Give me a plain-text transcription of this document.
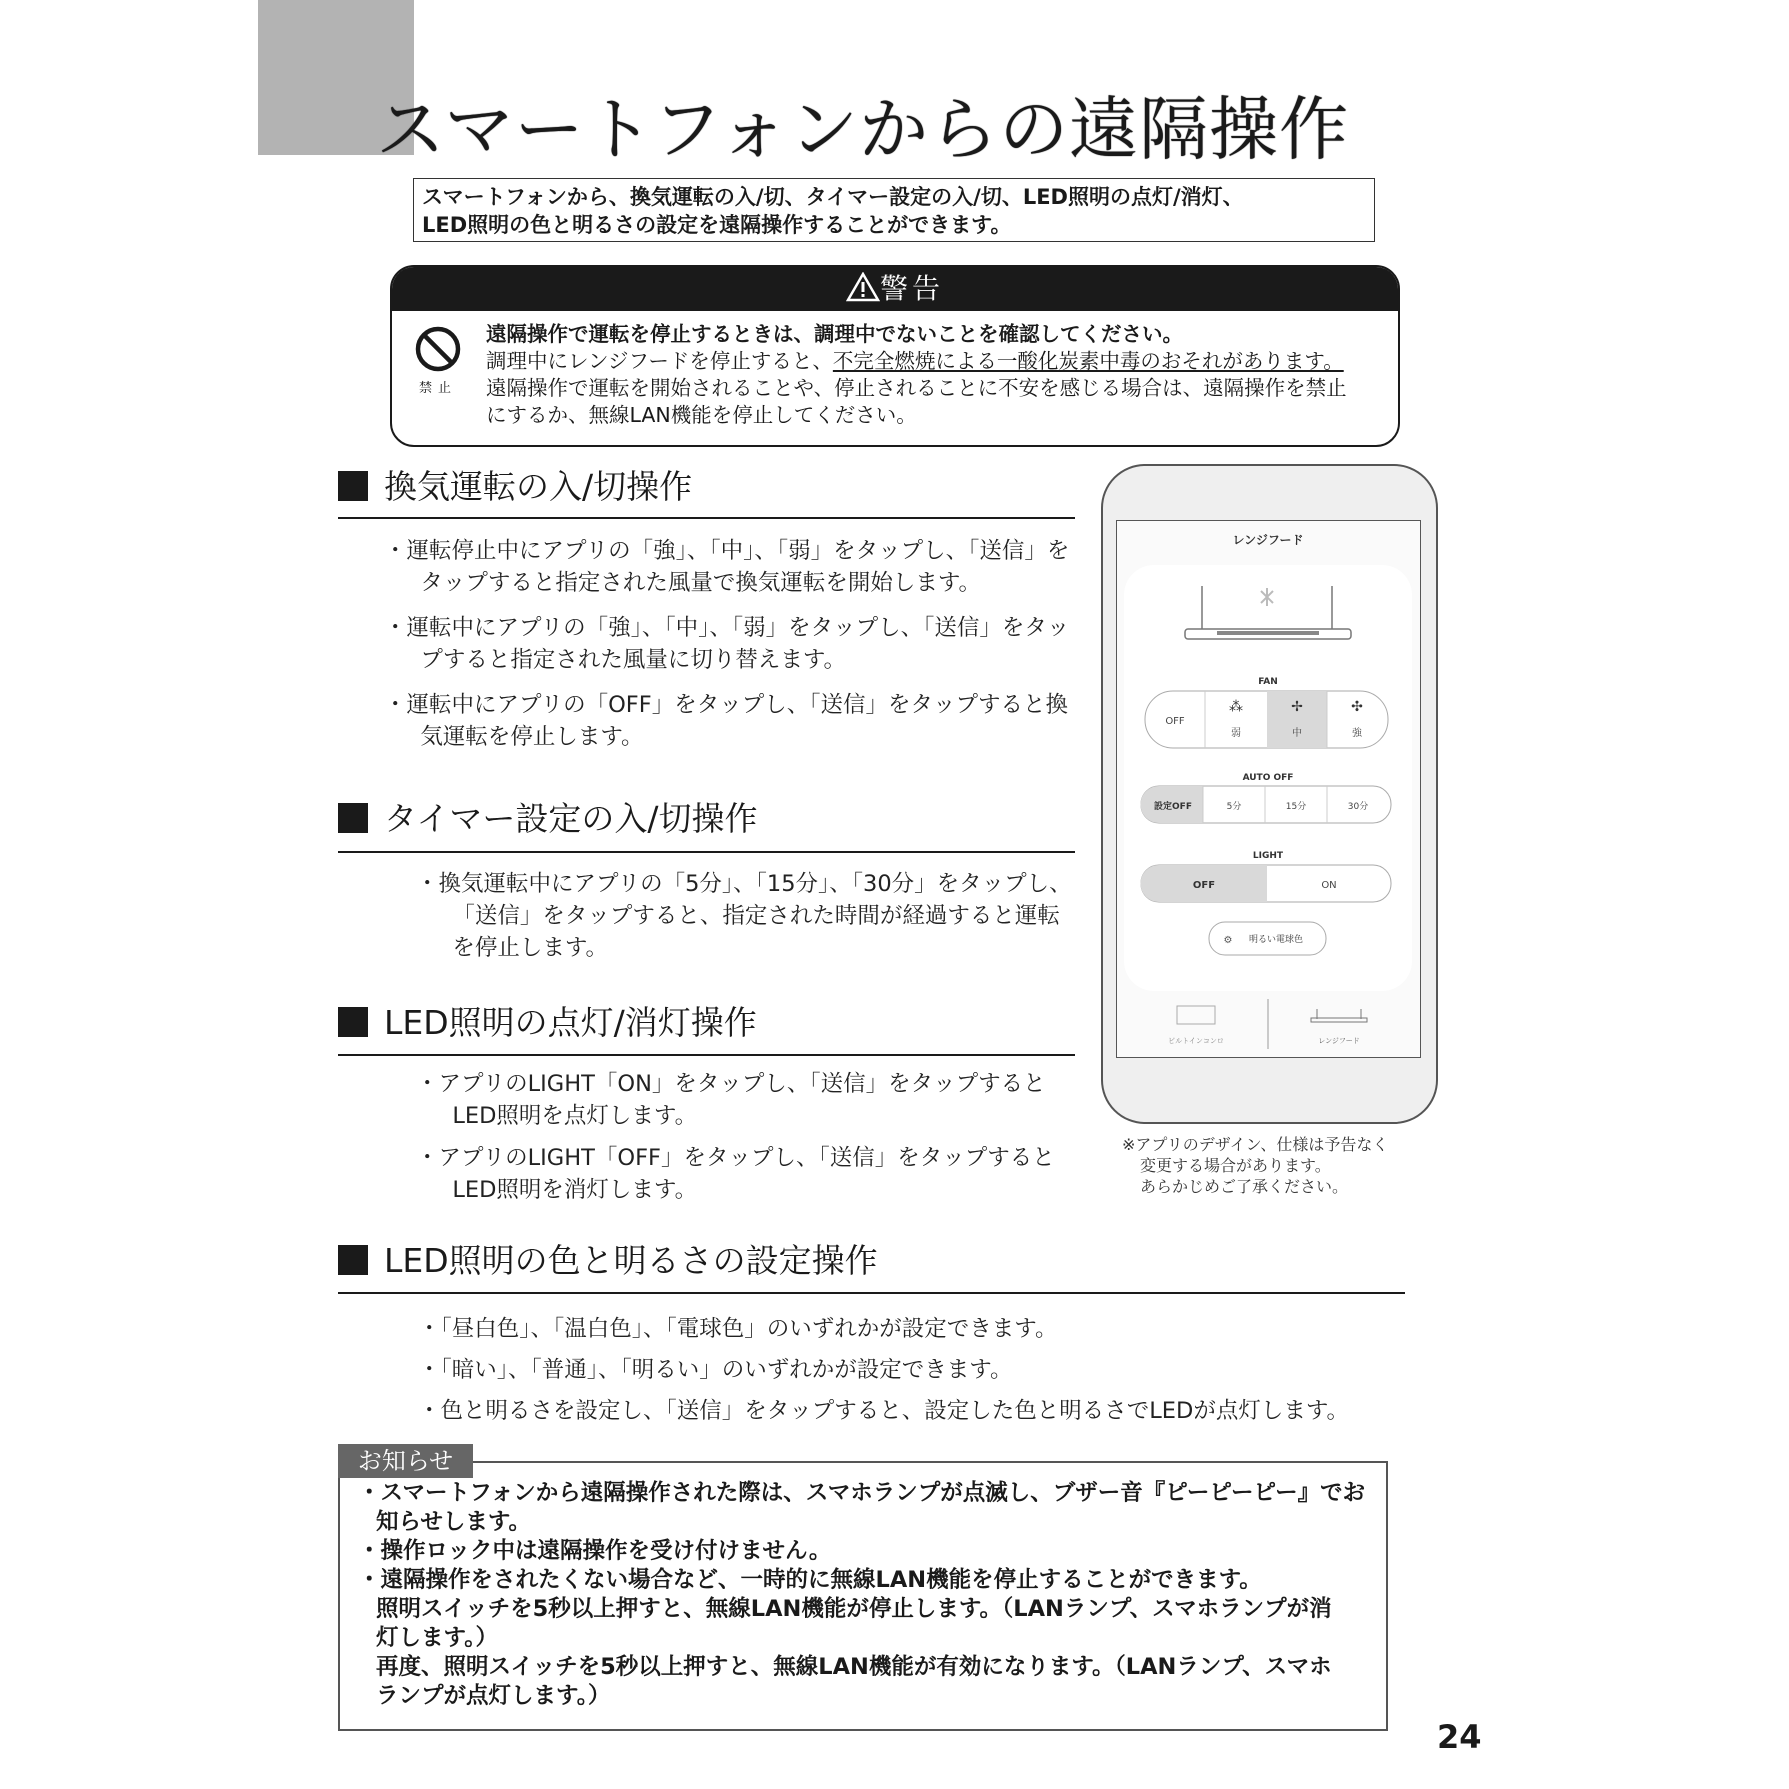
スマートフォンからの遠隔操作
スマートフォンから、換気運転の入/切、タイマー設定の入/切、LED照明の点灯/消灯、
LED照明の色と明るさの設定を遠隔操作することができます。
警告
禁止
遠隔操作で運転を停止するときは、調理中でないことを確認してください。
調理中にレンジフードを停止すると、不完全燃焼による一酸化炭素中毒のおそれがあります。
遠隔操作で運転を開始されることや、停止されることに不安を感じる場合は、遠隔操作を禁止
にするか、無線LAN機能を停止してください。
換気運転の入/切操作

・運転停止中にアプリの「強」、「中」、「弱」をタップし、「送信」を
タップすると指定された風量で換気運転を開始します。

・運転中にアプリの「強」、「中」、「弱」をタップし、「送信」をタッ
プすると指定された風量に切り替えます。

・運転中にアプリの「OFF」をタップし、「送信」をタップすると換
気運転を停止します。

タイマー設定の入/切操作

・換気運転中にアプリの「5分」、「15分」、「30分」をタップし、
「送信」をタップすると、指定された時間が経過すると運転
を停止します。

LED照明の点灯/消灯操作

・アプリのLIGHT「ON」をタップし、「送信」をタップすると
LED照明を点灯します。

・アプリのLIGHT「OFF」をタップし、「送信」をタップすると
LED照明を消灯します。

LED照明の色と明るさの設定操作

・「昼白色」、「温白色」、「電球色」のいずれかが設定できます。

・「暗い」、「普通」、「明るい」のいずれかが設定できます。

・色と明るさを設定し、「送信」をタップすると、設定した色と明るさでLEDが点灯します。

レンジフード
FAN
OFF
⁂
弱
✢
中
✣
強
AUTO OFF
設定OFF	5分	15分	30分
LIGHT
OFF	ON
⚙ 明るい電球色
ビルトインコンロ	レンジフード
※アプリのデザイン、仕様は予告なく
変更する場合があります。
あらかじめご了承ください。
・スマートフォンから遠隔操作された際は、スマホランプが点滅し、ブザー音『ピーピーピー』でお
知らせします。
・操作ロック中は遠隔操作を受け付けません。
・遠隔操作をされたくない場合など、一時的に無線LAN機能を停止することができます。
照明スイッチを5秒以上押すと、無線LAN機能が停止します。（LANランプ、スマホランプが消
灯します。）
再度、照明スイッチを5秒以上押すと、無線LAN機能が有効になります。（LANランプ、スマホ
ランプが点灯します。）
お知らせ
24
